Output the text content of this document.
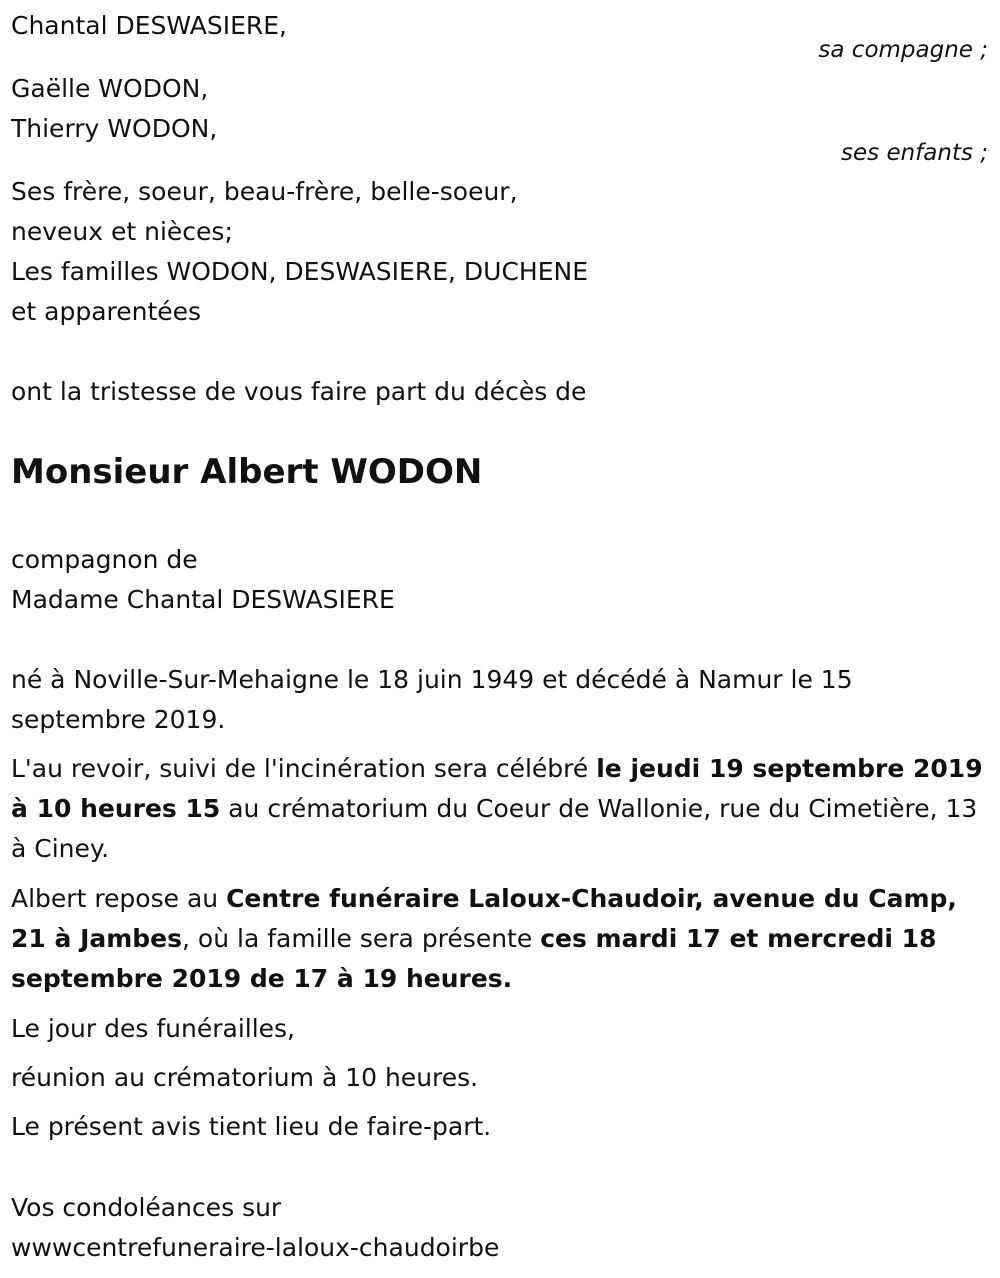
Chantal DESWASIERE,

sa compagne ;

Gaëlle WODON,

Thierry WODON,

ses enfants ;

Ses frère, soeur, beau-frère, belle-soeur,

neveux et nièces;

Les familles WODON, DESWASIERE, DUCHENE

et apparentées

ont la tristesse de vous faire part du décès de

Monsieur Albert WODON

compagnon de

Madame Chantal DESWASIERE

né à Noville-Sur-Mehaigne le 18 juin 1949 et décédé à Namur le 15 septembre 2019.

L'au revoir, suivi de l'incinération sera célébré le jeudi 19 septembre 2019 à 10 heures 15 au crématorium du Coeur de Wallonie, rue du Cimetière, 13 à Ciney.

Albert repose au Centre funéraire Laloux-Chaudoir, avenue du Camp, 21 à Jambes, où la famille sera présente ces mardi 17 et mercredi 18 septembre 2019 de 17 à 19 heures.

Le jour des funérailles,

réunion au crématorium à 10 heures.

Le présent avis tient lieu de faire-part.

Vos condoléances sur

wwwcentrefuneraire-laloux-chaudoirbe
